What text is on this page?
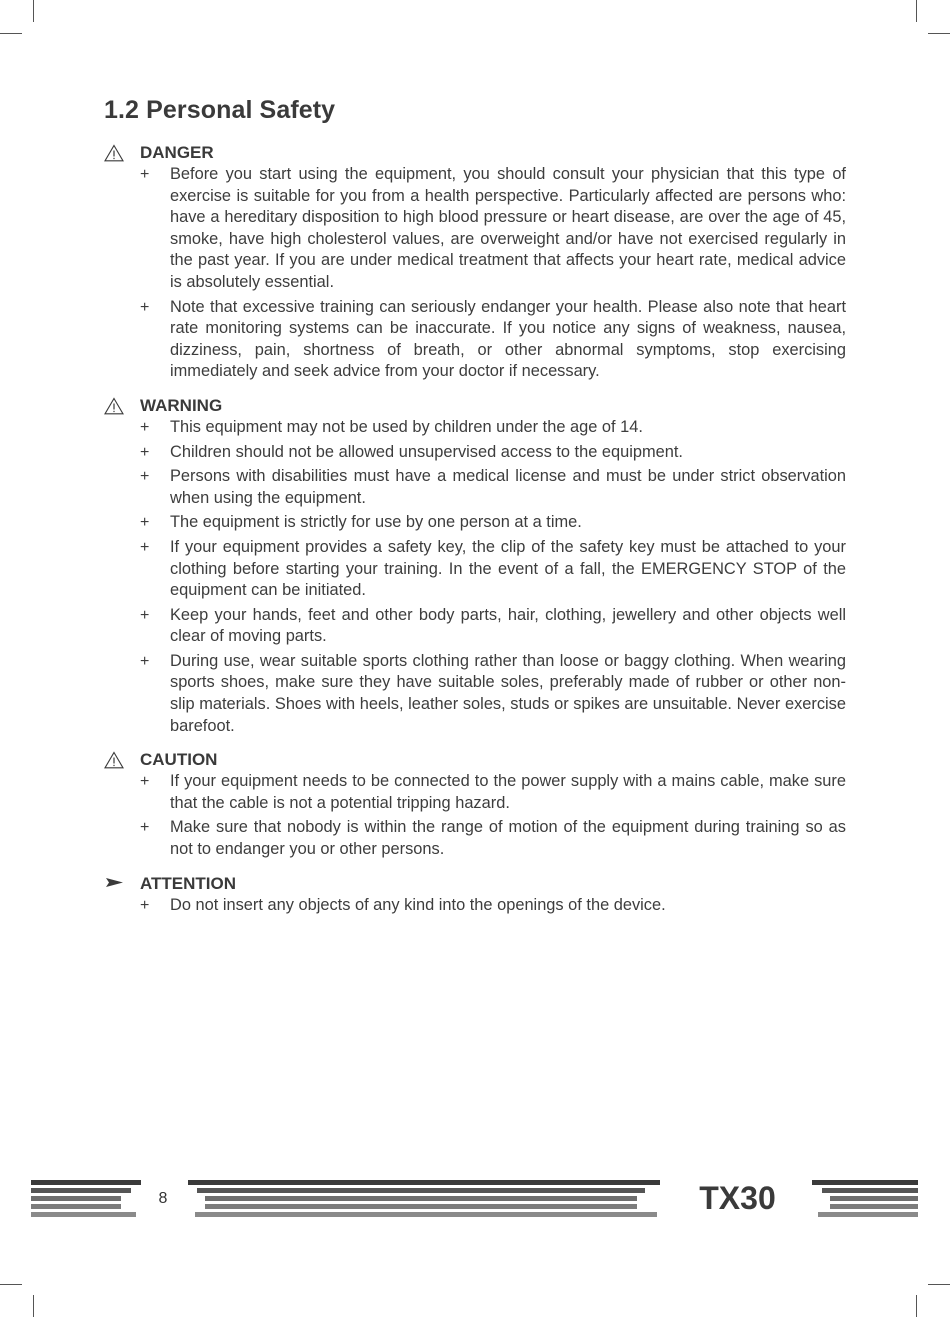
1.2 Personal Safety
DANGER
+ Before you start using the equipment, you should consult your physician that this type of exercise is suitable for you from a health perspective. Particularly affected are persons who: have a hereditary disposition to high blood pressure or heart disease, are over the age of 45, smoke, have high cholesterol values, are overweight and/or have not exercised regularly in the past year. If you are under medical treatment that affects your heart rate, medical advice is absolutely essential.
+ Note that excessive training can seriously endanger your health. Please also note that heart rate monitoring systems can be inaccurate. If you notice any signs of weakness, nausea, dizziness, pain, shortness of breath, or other abnormal symptoms, stop exercising immediately and seek advice from your doctor if necessary.
WARNING
+ This equipment may not be used by children under the age of 14.
+ Children should not be allowed unsupervised access to the equipment.
+ Persons with disabilities must have a medical license and must be under strict observation when using the equipment.
+ The equipment is strictly for use by one person at a time.
+ If your equipment provides a safety key, the clip of the safety key must be attached to your clothing before starting your training. In the event of a fall, the EMERGENCY STOP of the equipment can be initiated.
+ Keep your hands, feet and other body parts, hair, clothing, jewellery and other objects well clear of moving parts.
+ During use, wear suitable sports clothing rather than loose or baggy clothing. When wearing sports shoes, make sure they have suitable soles, preferably made of rubber or other non-slip materials. Shoes with heels, leather soles, studs or spikes are unsuitable. Never exercise barefoot.
CAUTION
+ If your equipment needs to be connected to the power supply with a mains cable, make sure that the cable is not a potential tripping hazard.
+ Make sure that nobody is within the range of motion of the equipment during training so as not to endanger you or other persons.
ATTENTION
+ Do not insert any objects of any kind into the openings of the device.
8	TX30
